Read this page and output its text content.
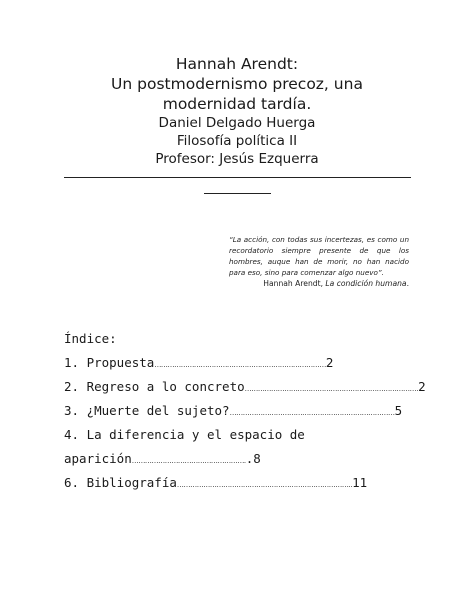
Hannah Arendt:
Un postmodernismo precoz, una
modernidad tardía.
Daniel Delgado Huerga
Filosofía política II
Profesor: Jesús Ezquerra
“La acción, con todas sus incertezas, es como un recordatorio siempre presente de que los hombres, auque han de morir, no han nacido para eso, sino para comenzar algo nuevo”.
Hannah Arendt, La condición humana.
Índice:
1. Propuesta……………………………………………………………………2
2. Regreso a lo concreto…………………………………………………………………….2
3. ¿Muerte del sujeto?…………………………………………………………………5
4. La diferencia y el espacio de
aparición……………………………………………..8
6. Bibliografía……………………………………………………………………..11
